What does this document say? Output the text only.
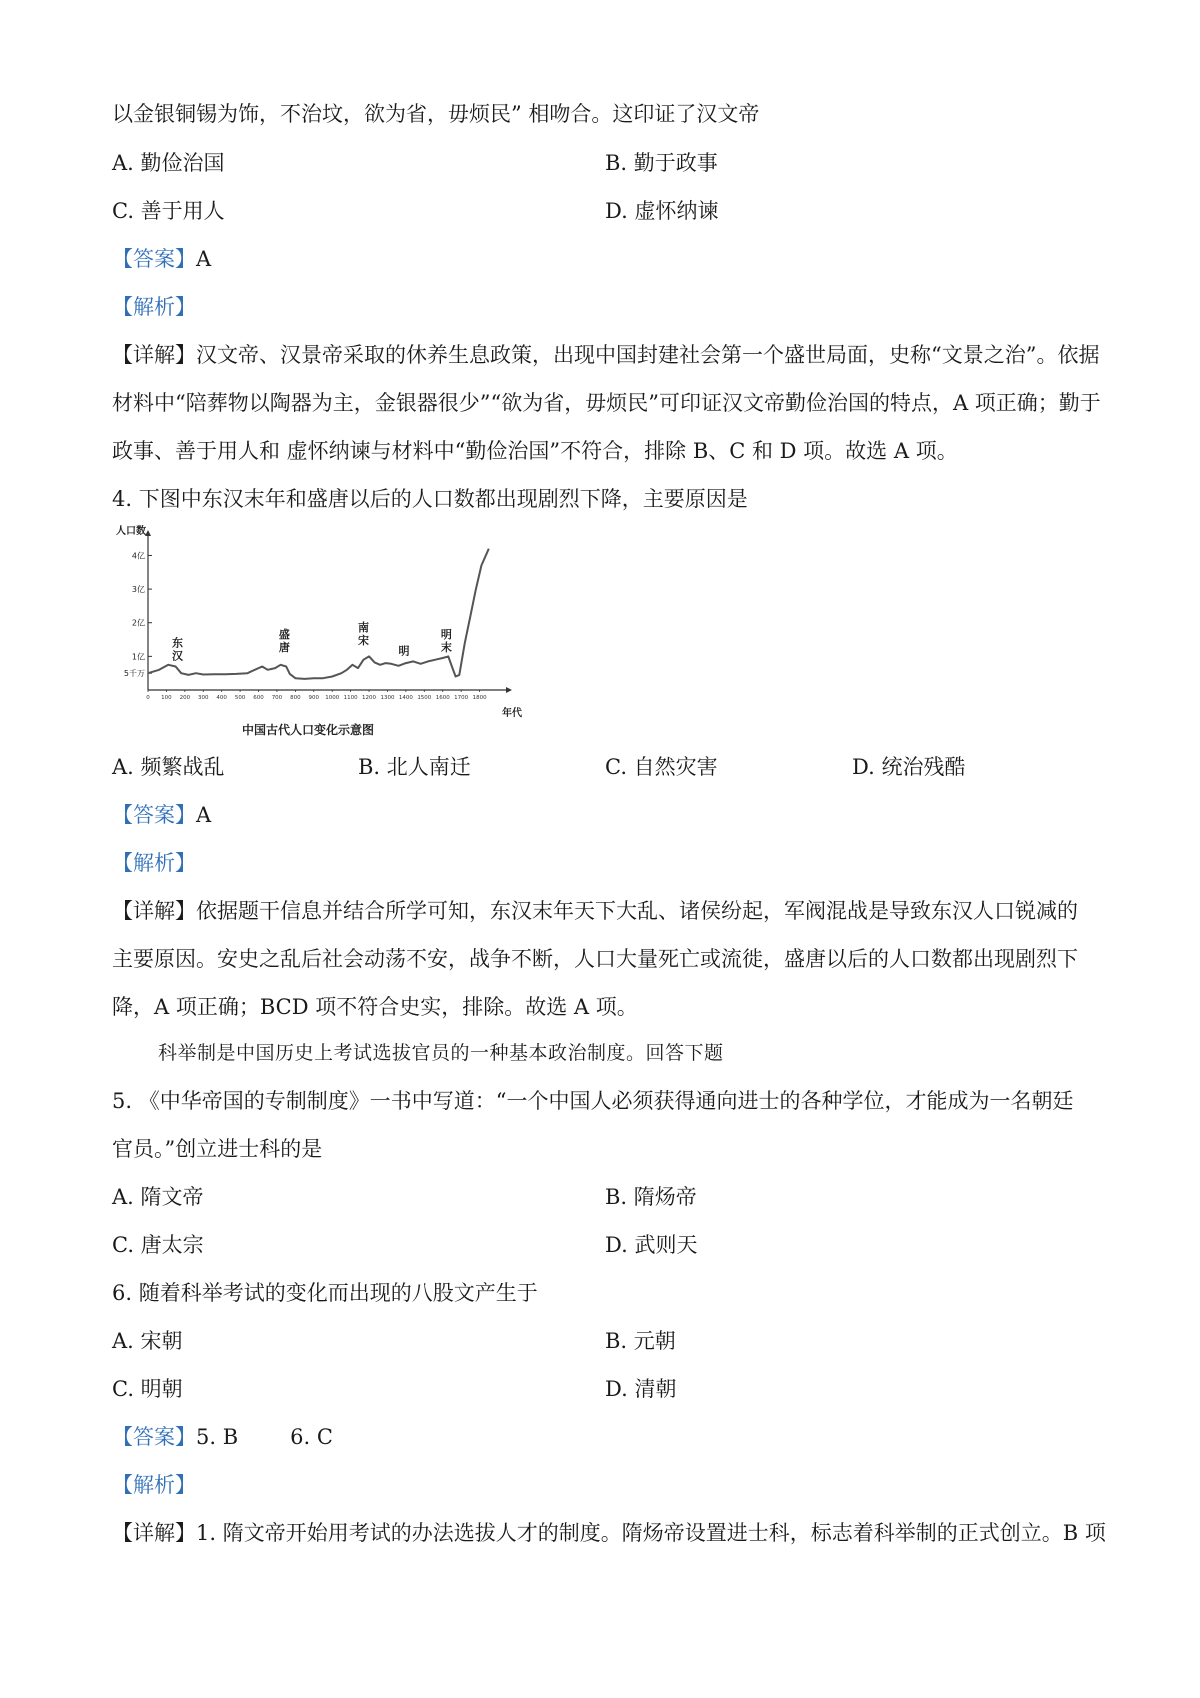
以金银铜锡为饰，不治坟，欲为省，毋烦民” 相吻合。这印证了汉文帝
A. 勤俭治国	B. 勤于政事
C. 善于用人	D. 虚怀纳谏
【答案】A
【解析】
【详解】汉文帝、汉景帝采取的休养生息政策，出现中国封建社会第一个盛世局面，史称“文景之治”。依据
材料中“陪葬物以陶器为主，金银器很少”“欲为省，毋烦民”可印证汉文帝勤俭治国的特点，A 项正确；勤于
政事、善于用人和 虚怀纳谏与材料中“勤俭治国”不符合，排除 B、C 和 D 项。故选 A 项。
4. 下图中东汉末年和盛唐以后的人口数都出现剧烈下降，主要原因是
5千万
1亿
2亿
3亿
4亿
0 100 200 300 400 500 600 700 800 900 1000 1100 1200 1300 1400 1500 1600 1700 1800
东
汉
盛
唐
南
宋
明
明
末
人口数
年代
中国古代人口变化示意图
A. 频繁战乱	B. 北人南迁	C. 自然灾害	D. 统治残酷
【答案】A
【解析】
【详解】依据题干信息并结合所学可知，东汉末年天下大乱、诸侯纷起，军阀混战是导致东汉人口锐减的
主要原因。安史之乱后社会动荡不安，战争不断，人口大量死亡或流徙，盛唐以后的人口数都出现剧烈下
降，A 项正确；BCD 项不符合史实，排除。故选 A 项。
科举制是中国历史上考试选拔官员的一种基本政治制度。回答下题
5. 《中华帝国的专制制度》一书中写道：“一个中国人必须获得通向进士的各种学位，才能成为一名朝廷
官员。”创立进士科的是
A. 隋文帝	B. 隋炀帝
C. 唐太宗	D. 武则天
6. 随着科举考试的变化而出现的八股文产生于
A. 宋朝	B. 元朝
C. 明朝	D. 清朝
【答案】5. B 6. C
【解析】
【详解】1. 隋文帝开始用考试的办法选拔人才的制度。隋炀帝设置进士科，标志着科举制的正式创立。B 项
